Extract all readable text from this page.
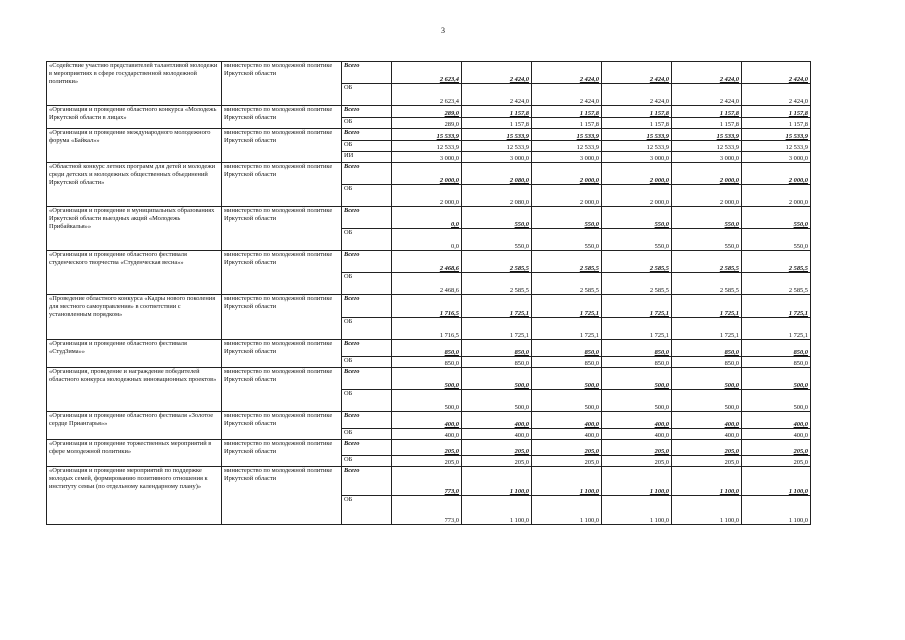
3
«Содействие участию представителей талантливой молодежи в мероприятиях в сфере государственной молодежной политики»	министерство по молодежной политике Иркутской области	Всего	2 623,4	2 424,0	2 424,0	2 424,0	2 424,0	2 424,0
		ОБ	2 623,4	2 424,0	2 424,0	2 424,0	2 424,0	2 424,0
«Организация и проведение областного конкурса «Молодежь Иркутской области в лицах»	министерство по молодежной политике Иркутской области	Всего	289,0	1 157,8	1 157,8	1 157,8	1 157,8	1 157,8
		ОБ	289,0	1 157,8	1 157,8	1 157,8	1 157,8	1 157,8
«Организация и проведение международного молодежного форума «Байкал»»	министерство по молодежной политике Иркутской области	Всего	15 533,9	15 533,9	15 533,9	15 533,9	15 533,9	15 533,9
		ОБ	12 533,9	12 533,9	12 533,9	12 533,9	12 533,9	12 533,9
		ИИ	3 000,0	3 000,0	3 000,0	3 000,0	3 000,0	3 000,0
«Областной конкурс летних программ для детей и молодежи среди детских и молодежных общественных объединений Иркутской области»	министерство по молодежной политике Иркутской области	Всего	2 000,0	2 080,0	2 000,0	2 000,0	2 000,0	2 000,0
		ОБ	2 000,0	2 080,0	2 000,0	2 000,0	2 000,0	2 000,0
«Организация и проведение в муниципальных образованиях Иркутской области выездных акций «Молодежь Прибайкалья»»	министерство по молодежной политике Иркутской области	Всего	0,0	550,0	550,0	550,0	550,0	550,0
		ОБ	0,0	550,0	550,0	550,0	550,0	550,0
«Организация и проведение областного фестиваля студенческого творчества «Студенческая весна»»	министерство по молодежной политике Иркутской области	Всего	2 468,6	2 585,5	2 585,5	2 585,5	2 585,5	2 585,5
		ОБ	2 468,6	2 585,5	2 585,5	2 585,5	2 585,5	2 585,5
«Проведение областного конкурса «Кадры нового поколения для местного самоуправления» в соответствии с установленным порядком»	министерство по молодежной политике Иркутской области	Всего	1 716,5	1 725,1	1 725,1	1 725,1	1 725,1	1 725,1
		ОБ	1 716,5	1 725,1	1 725,1	1 725,1	1 725,1	1 725,1
«Организация и проведение областного фестиваля «СтудЗима»»	министерство по молодежной политике Иркутской области	Всего	850,0	850,0	850,0	850,0	850,0	850,0
		ОБ	850,0	850,0	850,0	850,0	850,0	850,0
«Организация, проведение и награждение победителей областного конкурса молодежных инновационных проектов»	министерство по молодежной политике Иркутской области	Всего	500,0	500,0	500,0	500,0	500,0	500,0
		ОБ	500,0	500,0	500,0	500,0	500,0	500,0
«Организация и проведение областного фестиваля «Золотое сердце Приангарья»»	министерство по молодежной политике Иркутской области	Всего	400,0	400,0	400,0	400,0	400,0	400,0
		ОБ	400,0	400,0	400,0	400,0	400,0	400,0
«Организация и проведение торжественных мероприятий в сфере молодежной политики»	министерство по молодежной политике Иркутской области	Всего	205,0	205,0	205,0	205,0	205,0	205,0
		ОБ	205,0	205,0	205,0	205,0	205,0	205,0
«Организация и проведение мероприятий по поддержке молодых семей, формированию позитивного отношения к институту семьи (по отдельному календарному плану)»	министерство по молодежной политике Иркутской области	Всего	773,0	1 100,0	1 100,0	1 100,0	1 100,0	1 100,0
		ОБ	773,0	1 100,0	1 100,0	1 100,0	1 100,0	1 100,0
